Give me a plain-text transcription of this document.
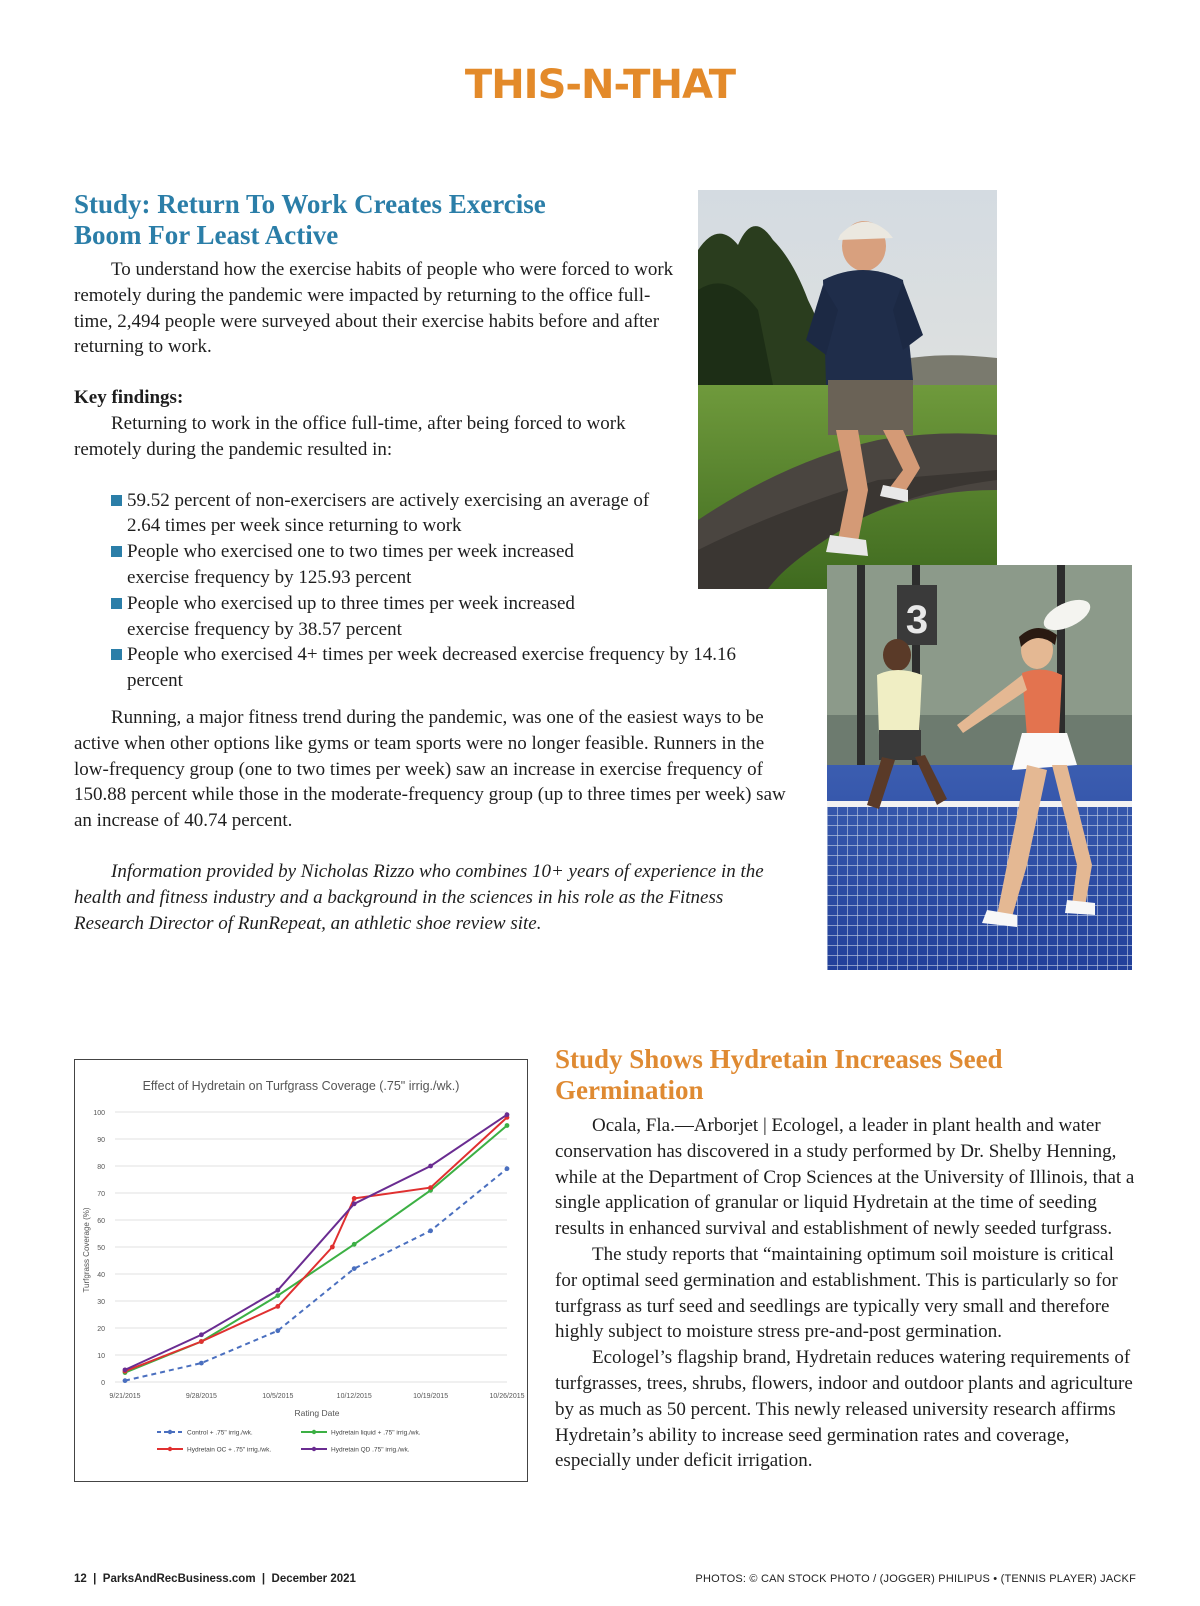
THIS-N-THAT
Study: Return To Work Creates Exercise Boom For Least Active

To understand how the exercise habits of people who were forced to work remotely during the pandemic were impacted by returning to the office full-time, 2,494 people were surveyed about their exercise habits before and after returning to work.

Key findings:

Returning to work in the office full-time, after being forced to work remotely during the pandemic resulted in:

59.52 percent of non-exercisers are actively exercising an average of 2.64 times per week since returning to work
People who exercised one to two times per week increased exercise frequency by 125.93 percent
People who exercised up to three times per week increased exercise frequency by 38.57 percent
People who exercised 4+ times per week decreased exercise frequency by 14.16 percent

Running, a major fitness trend during the pandemic, was one of the easiest ways to be active when other options like gyms or team sports were no longer feasible. Runners in the low-frequency group (one to two times per week) saw an increase in exercise frequency of 150.88 percent while those in the moderate-frequency group (up to three times per week) saw an increase of 40.74 percent.

Information provided by Nicholas Rizzo who combines 10+ years of experience in the health and fitness industry and a background in the sciences in his role as the Fitness Research Director of RunRepeat, an athletic shoe review site.

3
Effect of Hydretain on Turfgrass Coverage (.75" irrig./wk.)
0
10
20
30
40
50
60
70
80
90
100
9/21/2015	9/28/2015	10/5/2015	10/12/2015	10/19/2015	10/26/2015
Turfgrass Coverage (%)
Rating Date
Control + .75" irrig./wk.	Hydretain liquid + .75" irrig./wk.
Hydretain OC + .75" irrig./wk.	Hydretain QD .75" irrig./wk.
Study Shows Hydretain Increases Seed Germination

Ocala, Fla.—Arborjet | Ecologel, a leader in plant health and water conservation has discovered in a study performed by Dr. Shelby Henning, while at the Department of Crop Sciences at the University of Illinois, that a single application of granular or liquid Hydretain at the time of seeding results in enhanced survival and establishment of newly seeded turfgrass.

The study reports that “maintaining optimum soil moisture is critical for optimal seed germination and establishment. This is particularly so for turfgrass as turf seed and seedlings are typically very small and therefore highly subject to moisture stress pre-and-post germination.

Ecologel’s flagship brand, Hydretain reduces watering requirements of turfgrasses, trees, shrubs, flowers, indoor and outdoor plants and agriculture by as much as 50 percent. This newly released university research affirms Hydretain’s ability to increase seed germination rates and coverage, especially under deficit irrigation.

12  |  ParksAndRecBusiness.com  |  December 2021	PHOTOS: © CAN STOCK PHOTO / (JOGGER) PHILIPUS • (TENNIS PLAYER) JACKF
